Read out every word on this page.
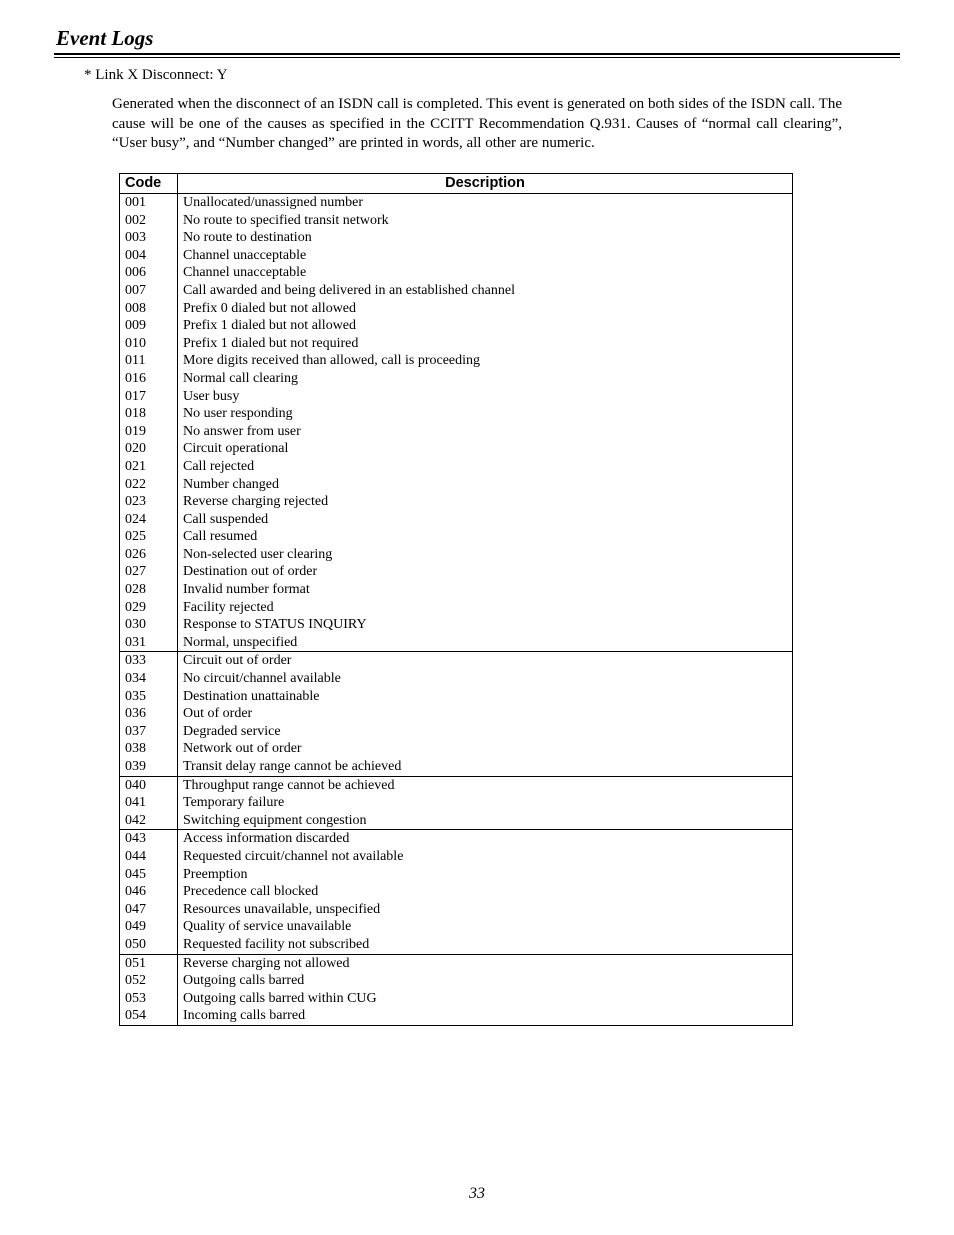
Event Logs
* Link X Disconnect: Y
Generated when the disconnect of an ISDN call is completed. This event is generated on both sides of the ISDN call. The cause will be one of the causes as specified in the CCITT Recommendation Q.931. Causes of “normal call clearing”, “User busy”, and “Number changed” are printed in words, all other are numeric.
Code	Description
001	Unallocated/unassigned number
002	No route to specified transit network
003	No route to destination
004	Channel unacceptable
006	Channel unacceptable
007	Call awarded and being delivered in an established channel
008	Prefix 0 dialed but not allowed
009	Prefix 1 dialed but not allowed
010	Prefix 1 dialed but not required
011	More digits received than allowed, call is proceeding
016	Normal call clearing
017	User busy
018	No user responding
019	No answer from user
020	Circuit operational
021	Call rejected
022	Number changed
023	Reverse charging rejected
024	Call suspended
025	Call resumed
026	Non-selected user clearing
027	Destination out of order
028	Invalid number format
029	Facility rejected
030	Response to STATUS INQUIRY
031	Normal, unspecified
033	Circuit out of order
034	No circuit/channel available
035	Destination unattainable
036	Out of order
037	Degraded service
038	Network out of order
039	Transit delay range cannot be achieved
040	Throughput range cannot be achieved
041	Temporary failure
042	Switching equipment congestion
043	Access information discarded
044	Requested circuit/channel not available
045	Preemption
046	Precedence call blocked
047	Resources unavailable, unspecified
049	Quality of service unavailable
050	Requested facility not subscribed
051	Reverse charging not allowed
052	Outgoing calls barred
053	Outgoing calls barred within CUG
054	Incoming calls barred
33
